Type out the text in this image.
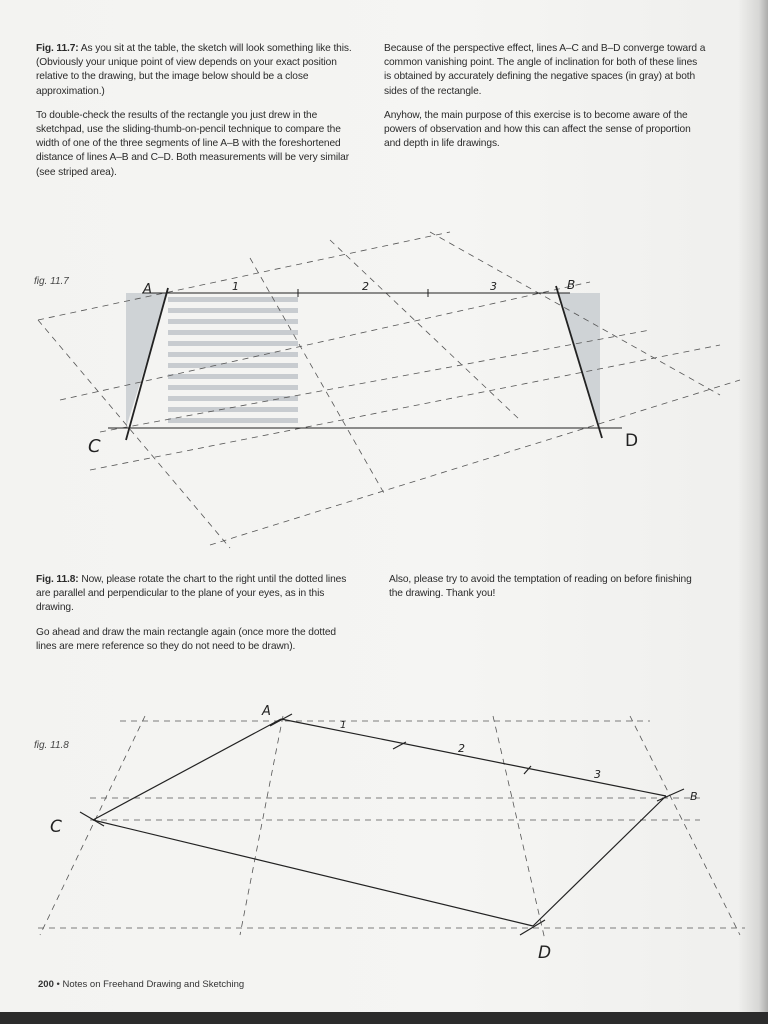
Fig. 11.7: As you sit at the table, the sketch will look something like this. (Obviously your unique point of view depends on your exact position relative to the drawing, but the image below should be a close approximation.)

To double-check the results of the rectangle you just drew in the sketchpad, use the sliding-thumb-on-pencil technique to compare the width of one of the three segments of line A–B with the foreshortened distance of lines A–B and C–D. Both measurements will be very similar (see striped area).

Because of the perspective effect, lines A–C and B–D converge toward a common vanishing point. The angle of inclination for both of these lines is obtained by accurately defining the negative spaces (in gray) at both sides of the rectangle.

Anyhow, the main purpose of this exercise is to become aware of the powers of observation and how this can affect the sense of proportion and depth in life drawings.

fig. 11.7
A	B
C	D
1	2	3

Fig. 11.8: Now, please rotate the chart to the right until the dotted lines are parallel and perpendicular to the plane of your eyes, as in this drawing.

Go ahead and draw the main rectangle again (once more the dotted lines are mere reference so they do not need to be drawn).

Also, please try to avoid the temptation of reading on before finishing the drawing. Thank you!

fig. 11.8
A
B
C
D
1
2
3
200 • Notes on Freehand Drawing and Sketching
